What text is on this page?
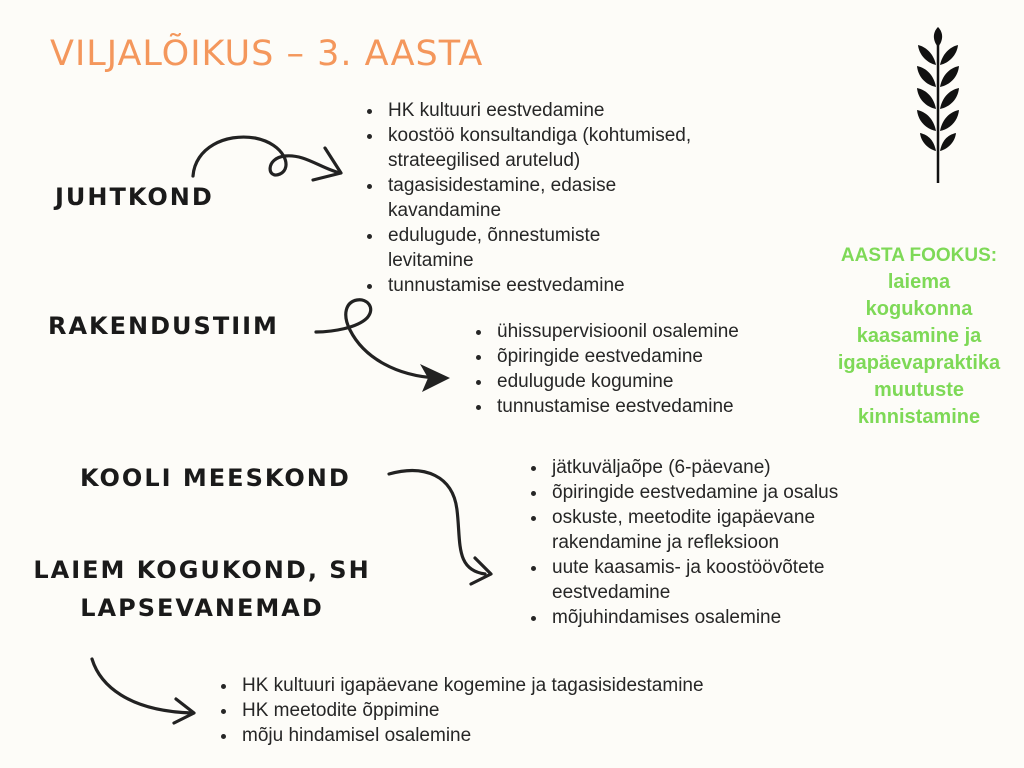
VILJALÕIKUS – 3. AASTA
JUHTKOND
• HK kultuuri eestvedamine
• koostöö konsultandiga (kohtumised, strateegilised arutelud)
• tagasisidestamine, edasise kavandamine
• edulugude, õnnestumiste levitamine
• tunnustamise eestvedamine
RAKENDUSTIIM	• ühissupervisioonil osalemine
• õpiringide eestvedamine
• edulugude kogumine
• tunnustamise eestvedamine
KOOLI MEESKOND	• jätkuväljaõpe (6-päevane)
• õpiringide eestvedamine ja osalus
• oskuste, meetodite igapäevane rakendamine ja refleksioon
• uute kaasamis- ja koostöövõtete eestvedamine
• mõjuhindamises osalemine
LAIEM KOGUKOND, SH
LAPSEVANEMAD
• HK kultuuri igapäevane kogemine ja tagasisidestamine
• HK meetodite õppimine
• mõju hindamisel osalemine
AASTA FOOKUS:
laiema
kogukonna
kaasamine ja
igapäevapraktika
muutuste
kinnistamine
